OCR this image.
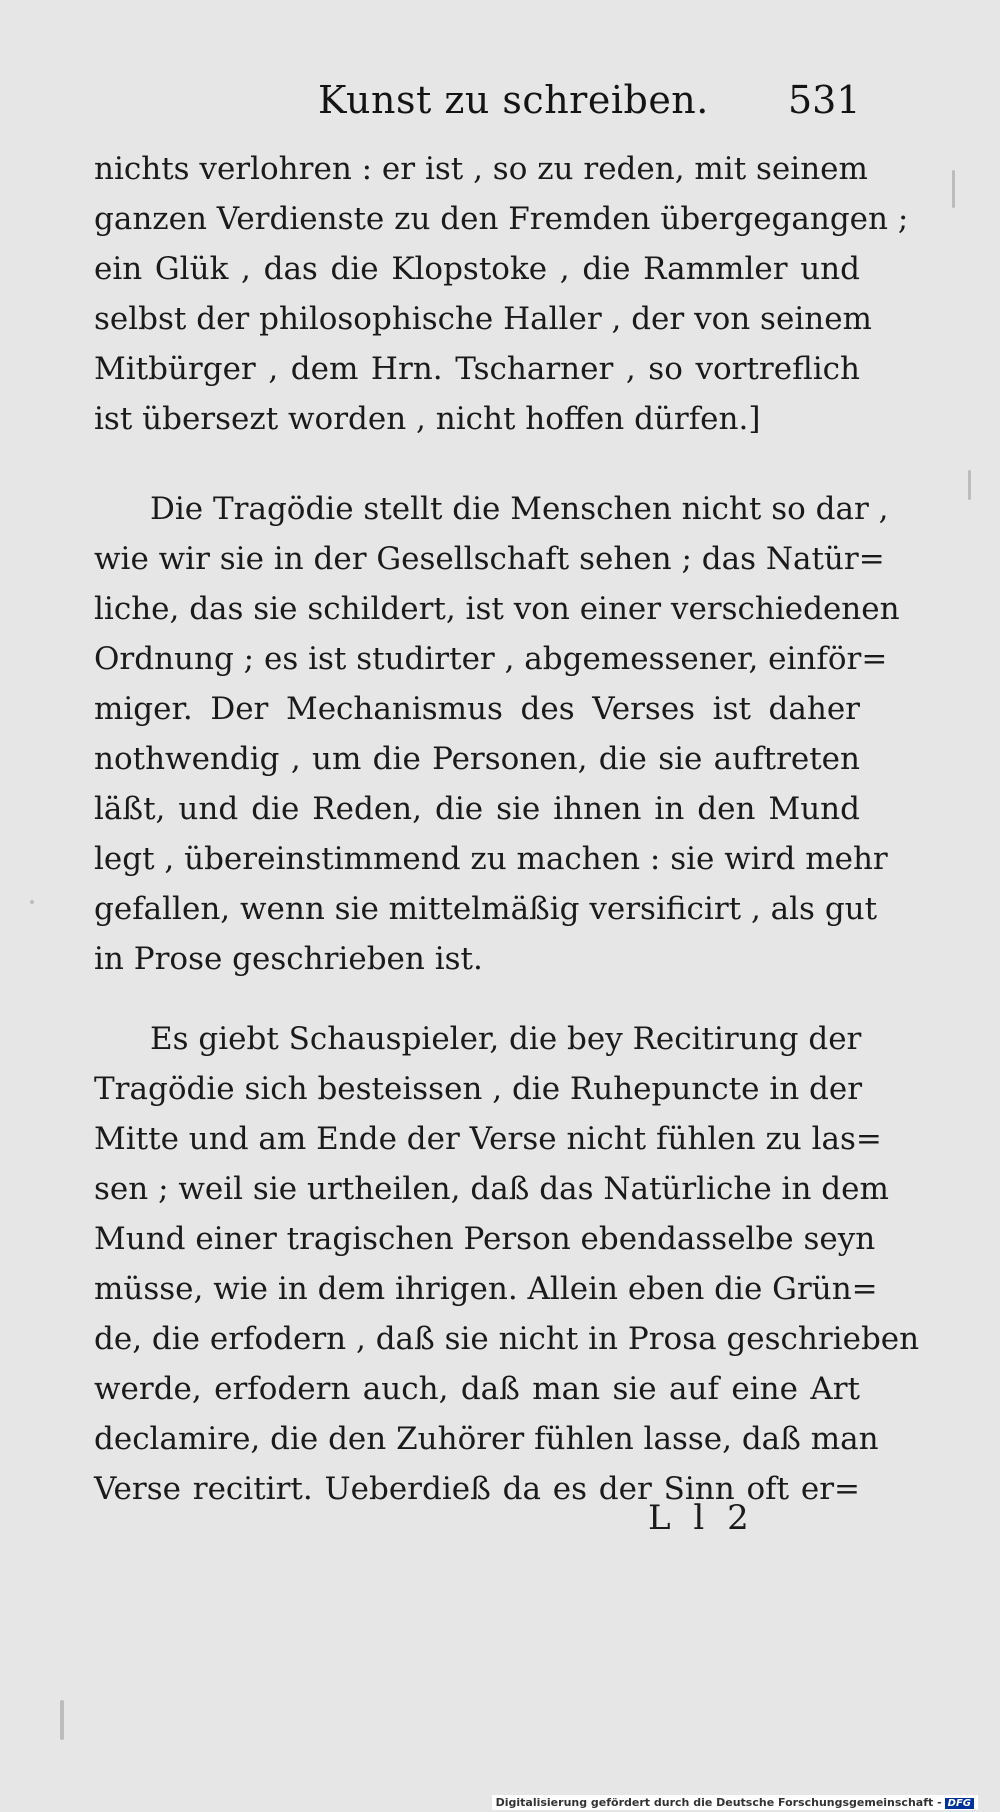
Kunst zu schreiben. 531
nichts verlohren : er ist , so zu reden, mit seinem
ganzen Verdienste zu den Fremden übergegangen ;
ein Glük , das die Klopstoke , die Rammler und
selbst der philosophische Haller , der von seinem
Mitbürger , dem Hrn. Tscharner , so vortreflich
ist übersezt worden , nicht hoffen dürfen.]
Die Tragödie stellt die Menschen nicht so dar ,
wie wir sie in der Gesellschaft sehen ; das Natür=
liche, das sie schildert, ist von einer verschiedenen
Ordnung ; es ist studirter , abgemessener, einför=
miger. Der Mechanismus des Verses ist daher
nothwendig , um die Personen, die sie auftreten
läßt, und die Reden, die sie ihnen in den Mund
legt , übereinstimmend zu machen : sie wird mehr
gefallen, wenn sie mittelmäßig versificirt , als gut
in Prose geschrieben ist.
Es giebt Schauspieler, die bey Recitirung der
Tragödie sich besteissen , die Ruhepuncte in der
Mitte und am Ende der Verse nicht fühlen zu las=
sen ; weil sie urtheilen, daß das Natürliche in dem
Mund einer tragischen Person ebendasselbe seyn
müsse, wie in dem ihrigen. Allein eben die Grün=
de, die erfodern , daß sie nicht in Prosa geschrieben
werde, erfodern auch, daß man sie auf eine Art
declamire, die den Zuhörer fühlen lasse, daß man
Verse recitirt. Ueberdieß da es der Sinn oft er=
L l 2
Digitalisierung gefördert durch die Deutsche Forschungsgemeinschaft - DFG
